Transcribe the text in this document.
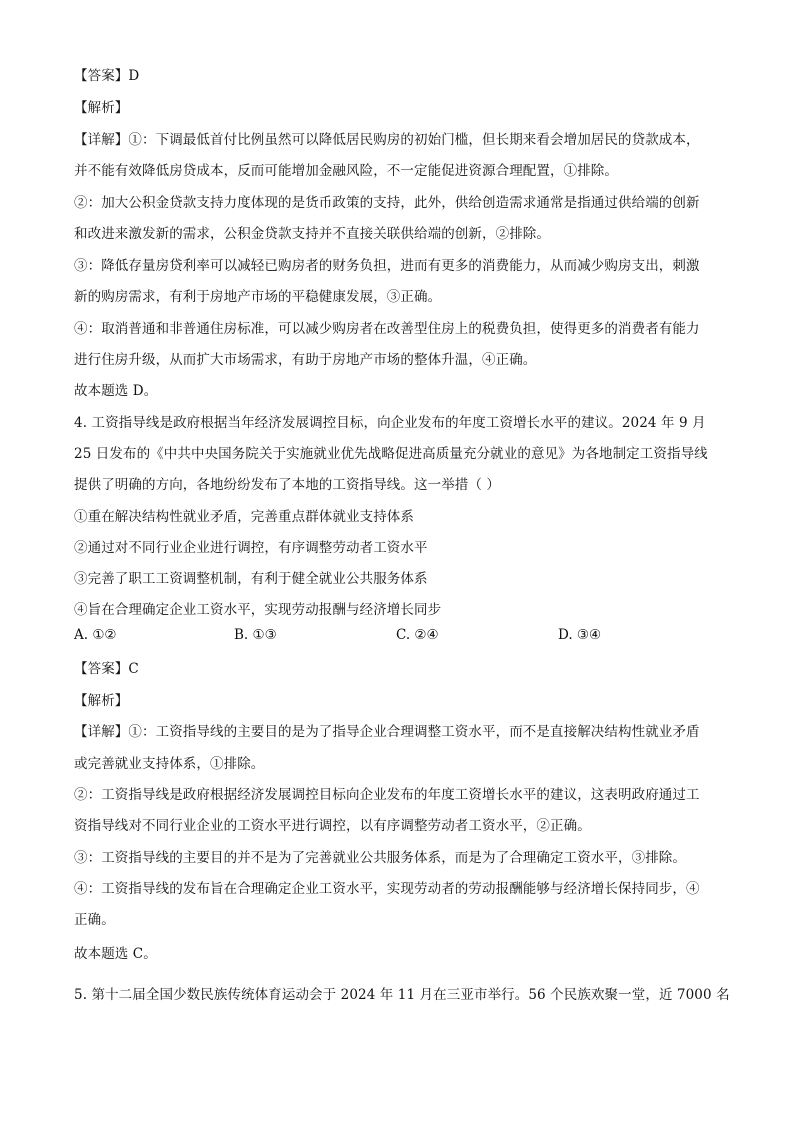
【答案】D
【解析】
【详解】①：下调最低首付比例虽然可以降低居民购房的初始门槛，但长期来看会增加居民的贷款成本，
并不能有效降低房贷成本，反而可能增加金融风险，不一定能促进资源合理配置，①排除。
②：加大公积金贷款支持力度体现的是货币政策的支持，此外，供给创造需求通常是指通过供给端的创新
和改进来激发新的需求，公积金贷款支持并不直接关联供给端的创新，②排除。
③：降低存量房贷利率可以减轻已购房者的财务负担，进而有更多的消费能力，从而减少购房支出，刺激
新的购房需求，有利于房地产市场的平稳健康发展，③正确。
④：取消普通和非普通住房标准，可以减少购房者在改善型住房上的税费负担，使得更多的消费者有能力
进行住房升级，从而扩大市场需求，有助于房地产市场的整体升温，④正确。
故本题选 D。
4. 工资指导线是政府根据当年经济发展调控目标，向企业发布的年度工资增长水平的建议。2024 年 9 月
25 日发布的《中共中央国务院关于实施就业优先战略促进高质量充分就业的意见》为各地制定工资指导线
提供了明确的方向，各地纷纷发布了本地的工资指导线。这一举措（ ）
①重在解决结构性就业矛盾，完善重点群体就业支持体系
②通过对不同行业企业进行调控，有序调整劳动者工资水平
③完善了职工工资调整机制，有利于健全就业公共服务体系
④旨在合理确定企业工资水平，实现劳动报酬与经济增长同步
A. ①②	B. ①③	C. ②④	D. ③④
【答案】C
【解析】
【详解】①：工资指导线的主要目的是为了指导企业合理调整工资水平，而不是直接解决结构性就业矛盾
或完善就业支持体系，①排除。
②：工资指导线是政府根据经济发展调控目标向企业发布的年度工资增长水平的建议，这表明政府通过工
资指导线对不同行业企业的工资水平进行调控，以有序调整劳动者工资水平，②正确。
③：工资指导线的主要目的并不是为了完善就业公共服务体系，而是为了合理确定工资水平，③排除。
④：工资指导线的发布旨在合理确定企业工资水平，实现劳动者的劳动报酬能够与经济增长保持同步，④
正确。
故本题选 C。
5. 第十二届全国少数民族传统体育运动会于 2024 年 11 月在三亚市举行。56 个民族欢聚一堂，近 7000 名
